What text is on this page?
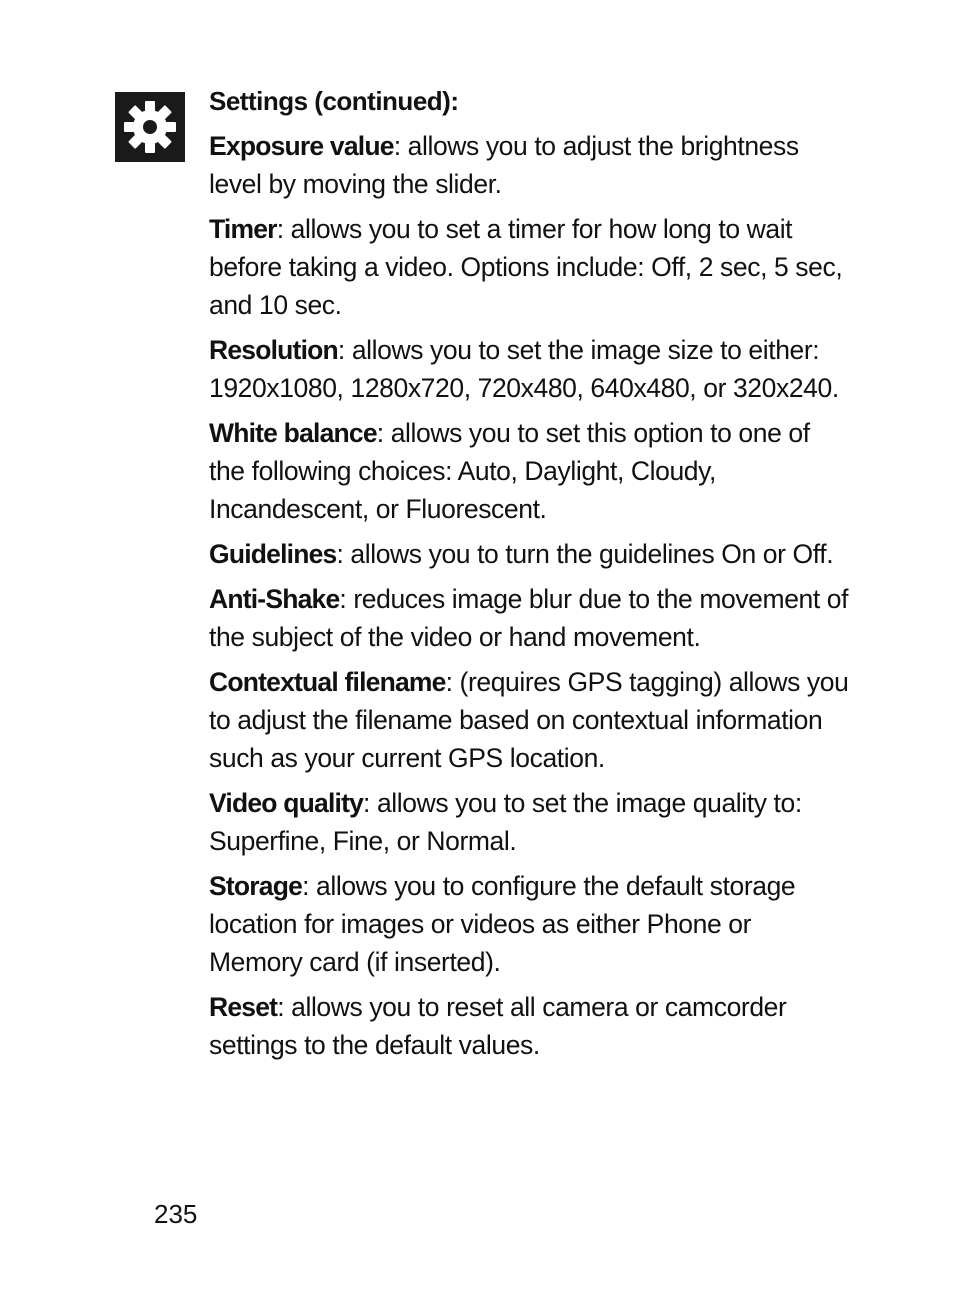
Settings (continued):

Exposure value: allows you to adjust the brightness level by moving the slider.

Timer: allows you to set a timer for how long to wait before taking a video. Options include: Off, 2 sec, 5 sec, and 10 sec.

Resolution: allows you to set the image size to either: 1920x1080, 1280x720, 720x480, 640x480, or 320x240.

White balance: allows you to set this option to one of the following choices: Auto, Daylight, Cloudy, Incandescent, or Fluorescent.

Guidelines: allows you to turn the guidelines On or Off.

Anti-Shake: reduces image blur due to the movement of the subject of the video or hand movement.

Contextual filename: (requires GPS tagging) allows you to adjust the filename based on contextual information such as your current GPS location.

Video quality: allows you to set the image quality to: Superfine, Fine, or Normal.

Storage: allows you to configure the default storage location for images or videos as either Phone or Memory card (if inserted).

Reset: allows you to reset all camera or camcorder settings to the default values.

235
